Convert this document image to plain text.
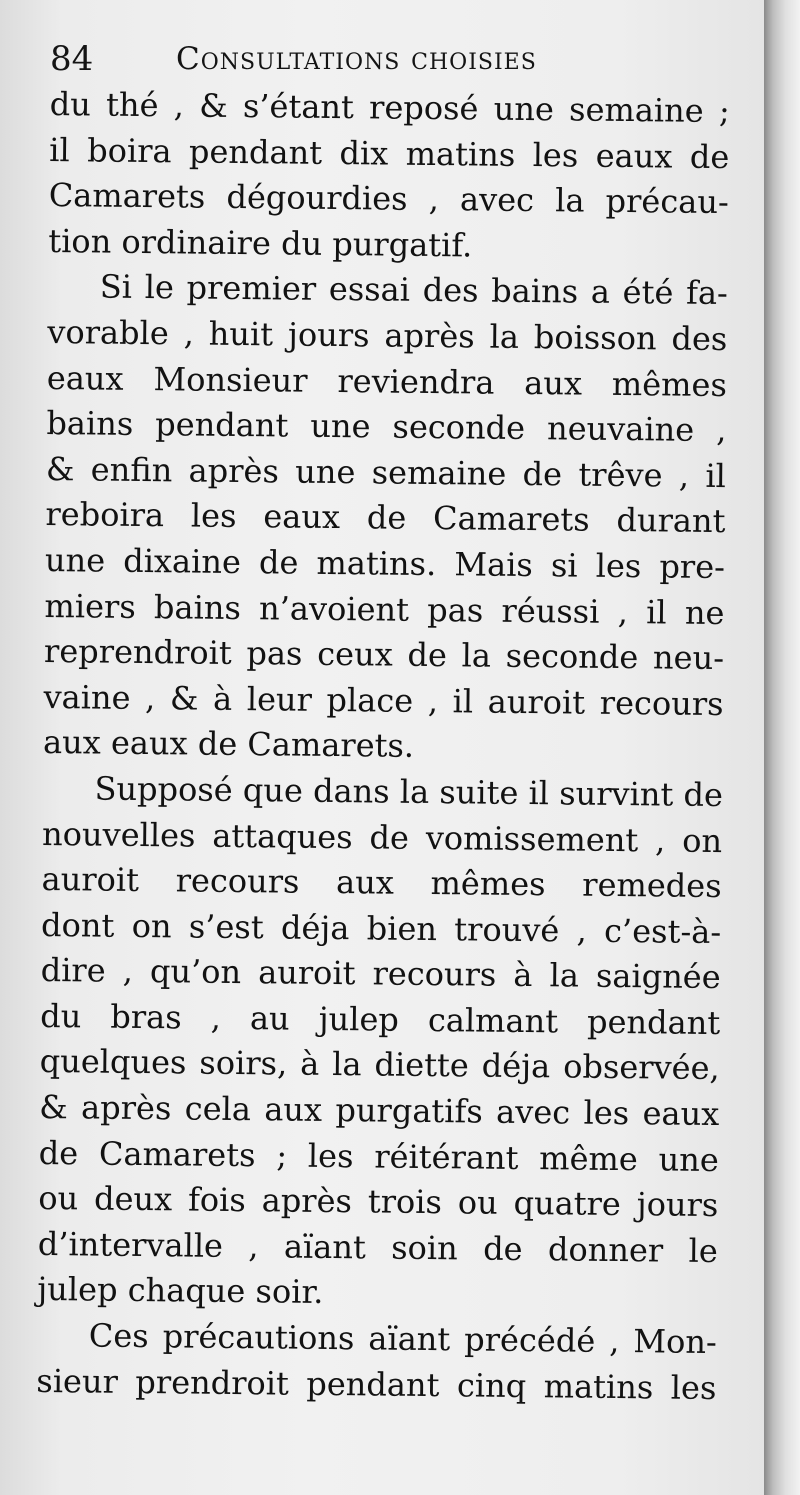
84	Consultations choisies
du thé , & s’étant reposé une semaine ;
il boira pendant dix matins les eaux de
Camarets dégourdies , avec la précau-
tion ordinaire du purgatif.
Si le premier essai des bains a été fa-
vorable , huit jours après la boisson des
eaux Monsieur reviendra aux mêmes
bains pendant une seconde neuvaine ,
& enfin après une semaine de trêve , il
reboira les eaux de Camarets durant
une dixaine de matins. Mais si les pre-
miers bains n’avoient pas réussi , il ne
reprendroit pas ceux de la seconde neu-
vaine , & à leur place , il auroit recours
aux eaux de Camarets.
Supposé que dans la suite il survint de
nouvelles attaques de vomissement , on
auroit recours aux mêmes remedes
dont on s’est déja bien trouvé , c’est-à-
dire , qu’on auroit recours à la saignée
du bras , au julep calmant pendant
quelques soirs, à la diette déja observée,
& après cela aux purgatifs avec les eaux
de Camarets ; les réitérant même une
ou deux fois après trois ou quatre jours
d’intervalle , aïant soin de donner le
julep chaque soir.
Ces précautions aïant précédé , Mon-
sieur prendroit pendant cinq matins les
